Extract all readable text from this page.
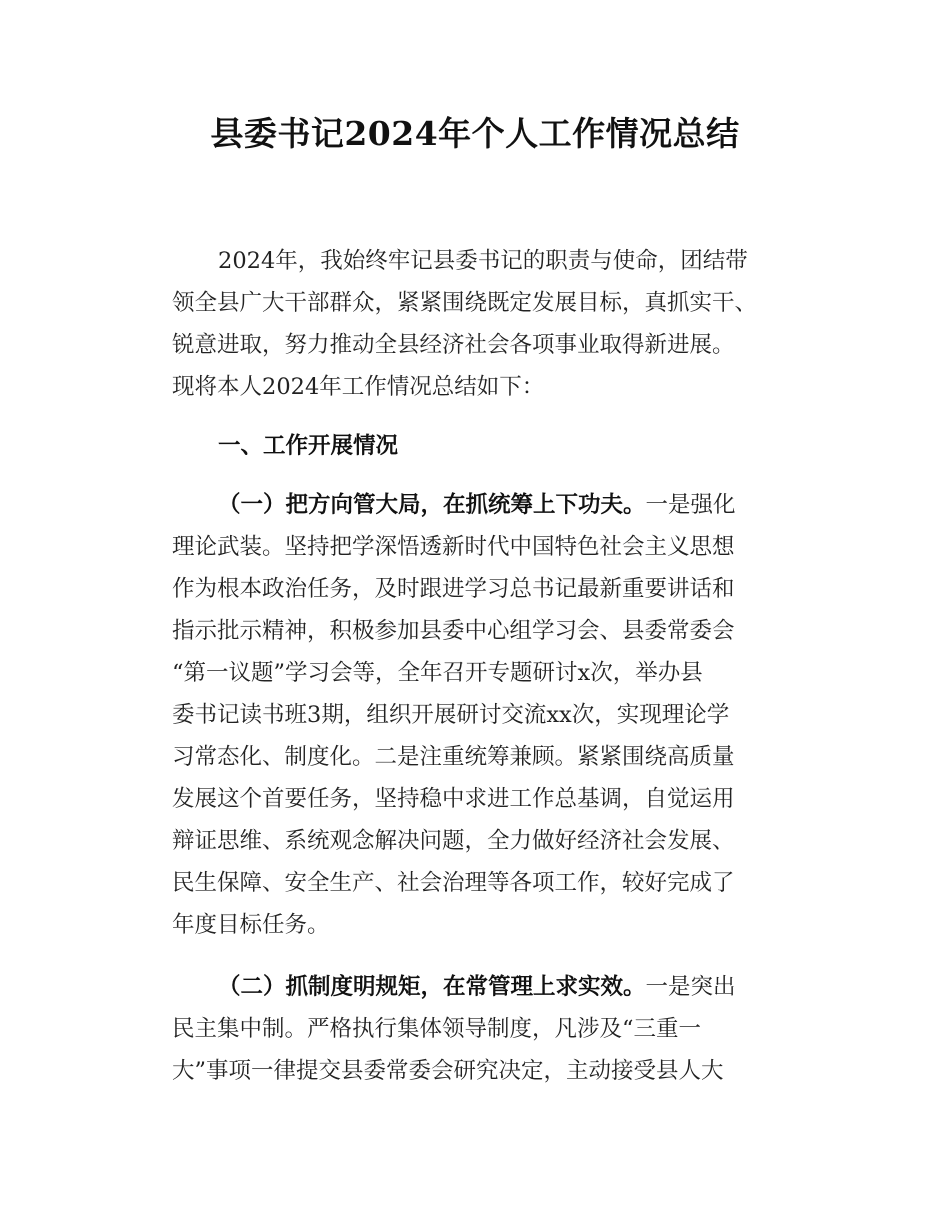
县委书记2024年个人工作情况总结
2024年，我始终牢记县委书记的职责与使命，团结带
领全县广大干部群众，紧紧围绕既定发展目标，真抓实干、
锐意进取，努力推动全县经济社会各项事业取得新进展。
现将本人2024年工作情况总结如下：
一、工作开展情况
（一）把方向管大局，在抓统筹上下功夫。一是强化
理论武装。坚持把学深悟透新时代中国特色社会主义思想
作为根本政治任务，及时跟进学习总书记最新重要讲话和
指示批示精神，积极参加县委中心组学习会、县委常委会
“第一议题”学习会等，全年召开专题研讨x次，举办县
委书记读书班3期，组织开展研讨交流xx次，实现理论学
习常态化、制度化。二是注重统筹兼顾。紧紧围绕高质量
发展这个首要任务，坚持稳中求进工作总基调，自觉运用
辩证思维、系统观念解决问题，全力做好经济社会发展、
民生保障、安全生产、社会治理等各项工作，较好完成了
年度目标任务。
（二）抓制度明规矩，在常管理上求实效。一是突出
民主集中制。严格执行集体领导制度，凡涉及“三重一
大”事项一律提交县委常委会研究决定，主动接受县人大
